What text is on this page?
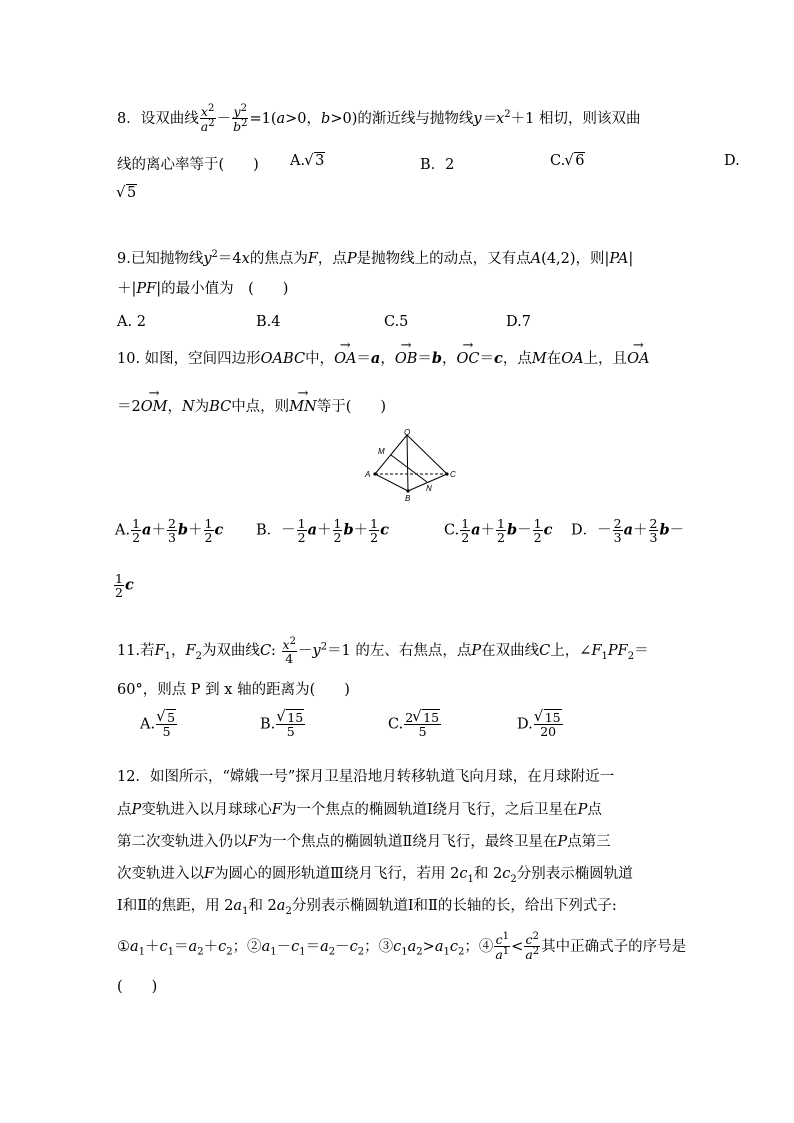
8．设双曲线 $\frac{x^2}{a^2} - \frac{y^2}{b^2} =1(a>0$，b>0)的渐近线与抛物线$y=x^2+1$ 相切，则该双曲
线的离心率等于(　　) A. √ 3	B．2	C. √ 6	D.
√ 5
9.已知抛物线$y^2=4x$的焦点为F，点P是抛物线上的动点，又有点A(4,2)，则|PA|
＋|PF|的最小值为　(　　)
A. 2	B.4	C.5	D.7
10. 如图，空间四边形OABC中，→ OA＝a，→ OB＝b，→ OC＝c，点M在OA上，且→ OA
＝2→ OM，N为BC中点，则→ MN等于(　　)
O
M
A	C
N
B
A. $\frac{1}{2} a+ \frac{2}{3} b+ \frac{1}{2}$ c B．－ $\frac{1}{2} a+ \frac{1}{2} b+ \frac{1}{2}$ c	C. $\frac{1}{2} a+ \frac{1}{2} b- \frac{1}{2}$ c D．－ $\frac{2}{3} a+ \frac{2}{3} b-$
$\frac{1}{2}$ c
11.若$F_1$，$F_2$为双曲线C: $\frac{x^2}{4} -y^2=1$ 的左、右焦点，点P在双曲线C上，$\angle F_1PF_2=$
60°，则点 P 到 x 轴的距离为(　　)
A. √ $\frac{5}{5}$	B. √ $\frac{15}{5}$	C. $\frac{2 √ 15}{5}$	D. √ $\frac{15}{20}$
12．如图所示，“嫦娥一号”探月卫星沿地月转移轨道飞向月球，在月球附近一
点P变轨进入以月球球心F为一个焦点的椭圆轨道Ⅰ绕月飞行，之后卫星在P点
第二次变轨进入仍以F为一个焦点的椭圆轨道Ⅱ绕月飞行，最终卫星在P点第三
次变轨进入以F为圆心的圆形轨道Ⅲ绕月飞行，若用 $2c_1$和 $2c_2$分别表示椭圆轨道
Ⅰ和Ⅱ的焦距，用 $2a_1$和 $2a_2$分别表示椭圆轨道Ⅰ和Ⅱ的长轴的长，给出下列式子:
$①a_1+c_1=a_2+c_2$；$②a_1-c_1=a_2-c_2$；$③c_1a_2>a_1c_2$；④ $\frac{c^1}{a^1} < \frac{c^2}{a^2}$ 其中正确式子的序号是
(　　)
